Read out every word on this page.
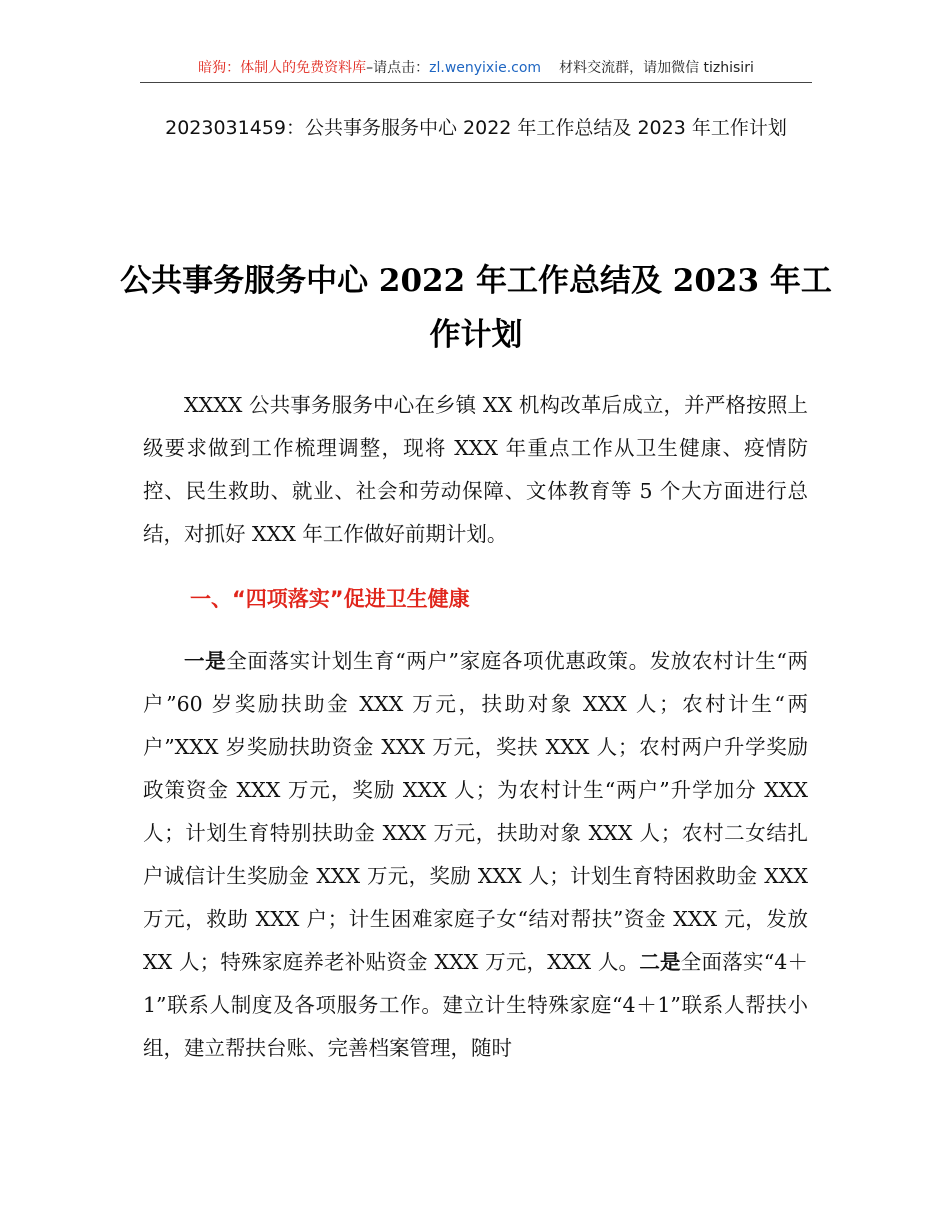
暗狗：体制人的免费资料库–请点击：zl.wenyixie.com 材料交流群，请加微信 tizhisiri
2023031459：公共事务服务中心 2022 年工作总结及 2023 年工作计划
公共事务服务中心 2022 年工作总结及 2023 年工作计划
XXXX 公共事务服务中心在乡镇 XX 机构改革后成立，并严格按照上级要求做到工作梳理调整，现将 XXX 年重点工作从卫生健康、疫情防控、民生救助、就业、社会和劳动保障、文体教育等 5 个大方面进行总结，对抓好 XXX 年工作做好前期计划。
一、“四项落实”促进卫生健康
一是全面落实计划生育“两户”家庭各项优惠政策。发放农村计生“两户”60 岁奖励扶助金 XXX 万元，扶助对象 XXX 人；农村计生“两户”XXX 岁奖励扶助资金 XXX 万元，奖扶 XXX 人；农村两户升学奖励政策资金 XXX 万元，奖励 XXX 人；为农村计生“两户”升学加分 XXX 人；计划生育特别扶助金 XXX 万元，扶助对象 XXX 人；农村二女结扎户诚信计生奖励金 XXX 万元，奖励 XXX 人；计划生育特困救助金 XXX 万元，救助 XXX 户；计生困难家庭子女“结对帮扶”资金 XXX 元，发放 XX 人；特殊家庭养老补贴资金 XXX 万元，XXX 人。二是全面落实“4＋1”联系人制度及各项服务工作。建立计生特殊家庭“4＋1”联系人帮扶小组，建立帮扶台账、完善档案管理，随时
